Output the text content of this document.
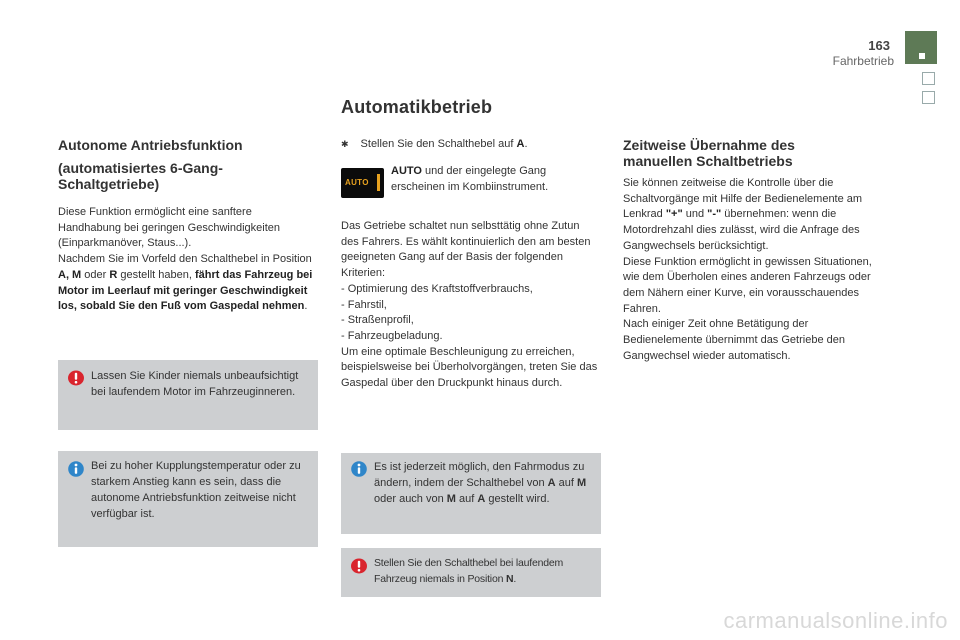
163
Fahrbetrieb
Automatikbetrieb
Autonome Antriebsfunktion
(automatisiertes 6-Gang-
Schaltgetriebe)
Diese Funktion ermöglicht eine sanftere Handhabung bei geringen Geschwindigkeiten (Einparkmanöver, Staus...).
Nachdem Sie im Vorfeld den Schalthebel in Position A, M oder R gestellt haben, fährt das Fahrzeug bei Motor im Leerlauf mit geringer Geschwindigkeit los, sobald Sie den Fuß vom Gaspedal nehmen.
Lassen Sie Kinder niemals unbeaufsichtigt bei laufendem Motor im Fahrzeuginneren.
Bei zu hoher Kupplungstemperatur oder zu starkem Anstieg kann es sein, dass die autonome Antriebsfunktion zeitweise nicht verfügbar ist.
✱ Stellen Sie den Schalthebel auf A.
AUTO
AUTO und der eingelegte Gang erscheinen im Kombiinstrument.
Das Getriebe schaltet nun selbsttätig ohne Zutun des Fahrers. Es wählt kontinuierlich den am besten geeigneten Gang auf der Basis der folgenden Kriterien:
- Optimierung des Kraftstoffverbrauchs,
- Fahrstil,
- Straßenprofil,
- Fahrzeugbeladung.
Um eine optimale Beschleunigung zu erreichen, beispielsweise bei Überholvorgängen, treten Sie das Gaspedal über den Druckpunkt hinaus durch.
Es ist jederzeit möglich, den Fahrmodus zu ändern, indem der Schalthebel von A auf M oder auch von M auf A gestellt wird.
Stellen Sie den Schalthebel bei laufendem Fahrzeug niemals in Position N.
Zeitweise Übernahme des
manuellen Schaltbetriebs
Sie können zeitweise die Kontrolle über die Schaltvorgänge mit Hilfe der Bedienelemente am Lenkrad "+" und "-" übernehmen: wenn die Motordrehzahl dies zulässt, wird die Anfrage des Gangwechsels berücksichtigt.
Diese Funktion ermöglicht in gewissen Situationen, wie dem Überholen eines anderen Fahrzeugs oder dem Nähern einer Kurve, ein vorausschauendes Fahren.
Nach einiger Zeit ohne Betätigung der Bedienelemente übernimmt das Getriebe den Gangwechsel wieder automatisch.
carmanualsonline.info
